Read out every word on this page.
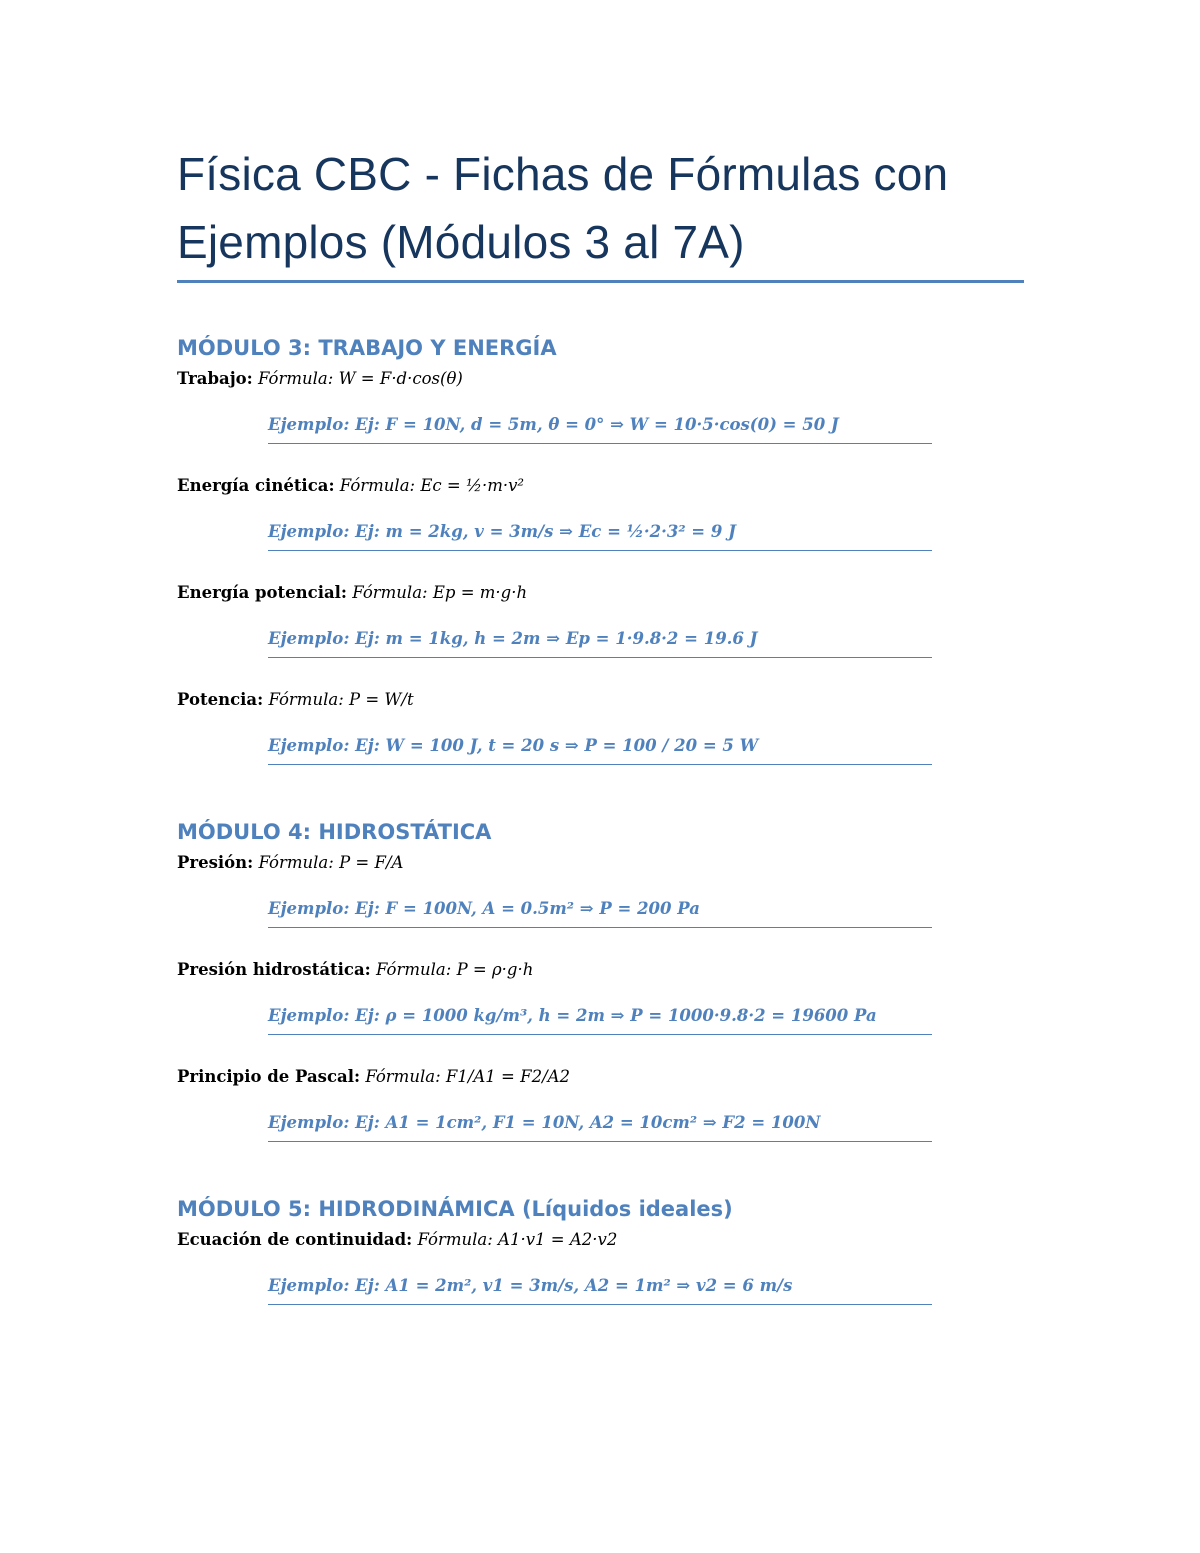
Física CBC - Fichas de Fórmulas con Ejemplos (Módulos 3 al 7A)
MÓDULO 3: TRABAJO Y ENERGÍA

Trabajo: Fórmula: W = F·d·cos(θ)

Ejemplo: Ej: F = 10N, d = 5m, θ = 0° ⇒ W = 10·5·cos(0) = 50 J

Energía cinética: Fórmula: Ec = ½·m·v²

Ejemplo: Ej: m = 2kg, v = 3m/s ⇒ Ec = ½·2·3² = 9 J

Energía potencial: Fórmula: Ep = m·g·h

Ejemplo: Ej: m = 1kg, h = 2m ⇒ Ep = 1·9.8·2 = 19.6 J

Potencia: Fórmula: P = W/t

Ejemplo: Ej: W = 100 J, t = 20 s ⇒ P = 100 / 20 = 5 W
MÓDULO 4: HIDROSTÁTICA

Presión: Fórmula: P = F/A

Ejemplo: Ej: F = 100N, A = 0.5m² ⇒ P = 200 Pa

Presión hidrostática: Fórmula: P = ρ·g·h

Ejemplo: Ej: ρ = 1000 kg/m³, h = 2m ⇒ P = 1000·9.8·2 = 19600 Pa

Principio de Pascal: Fórmula: F1/A1 = F2/A2

Ejemplo: Ej: A1 = 1cm², F1 = 10N, A2 = 10cm² ⇒ F2 = 100N
MÓDULO 5: HIDRODINÁMICA (Líquidos ideales)

Ecuación de continuidad: Fórmula: A1·v1 = A2·v2

Ejemplo: Ej: A1 = 2m², v1 = 3m/s, A2 = 1m² ⇒ v2 = 6 m/s
